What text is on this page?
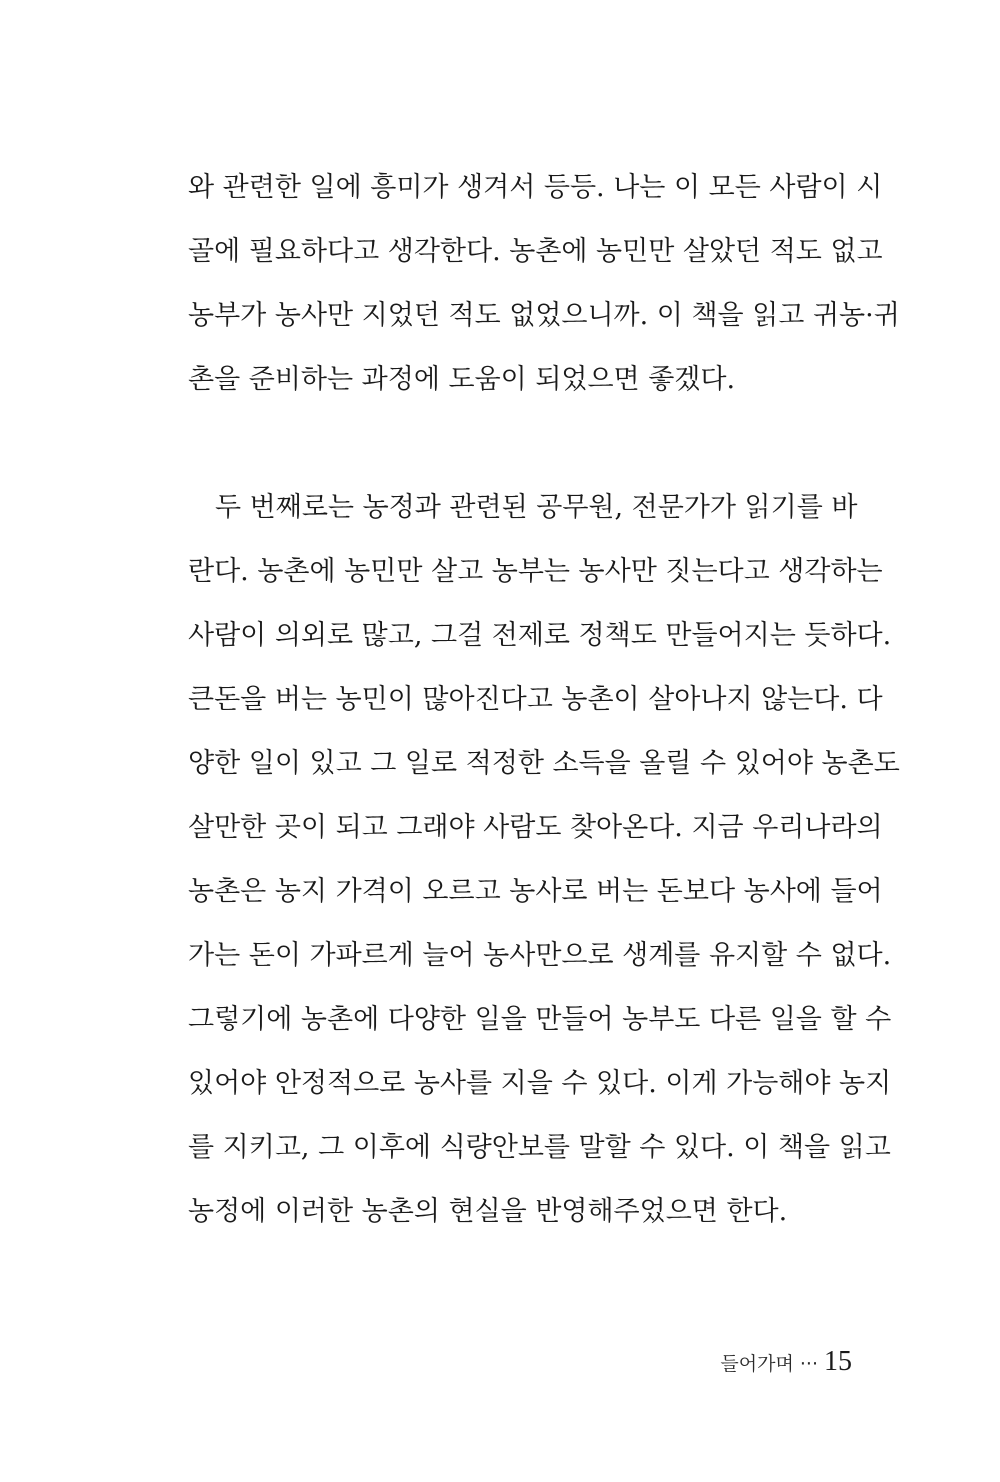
와 관련한 일에 흥미가 생겨서 등등. 나는 이 모든 사람이 시
골에 필요하다고 생각한다. 농촌에 농민만 살았던 적도 없고
농부가 농사만 지었던 적도 없었으니까. 이 책을 읽고 귀농·귀
촌을 준비하는 과정에 도움이 되었으면 좋겠다.
두 번째로는 농정과 관련된 공무원, 전문가가 읽기를 바
란다. 농촌에 농민만 살고 농부는 농사만 짓는다고 생각하는
사람이 의외로 많고, 그걸 전제로 정책도 만들어지는 듯하다.
큰돈을 버는 농민이 많아진다고 농촌이 살아나지 않는다. 다
양한 일이 있고 그 일로 적정한 소득을 올릴 수 있어야 농촌도
살만한 곳이 되고 그래야 사람도 찾아온다. 지금 우리나라의
농촌은 농지 가격이 오르고 농사로 버는 돈보다 농사에 들어
가는 돈이 가파르게 늘어 농사만으로 생계를 유지할 수 없다.
그렇기에 농촌에 다양한 일을 만들어 농부도 다른 일을 할 수
있어야 안정적으로 농사를 지을 수 있다. 이게 가능해야 농지
를 지키고, 그 이후에 식량안보를 말할 수 있다. 이 책을 읽고
농정에 이러한 농촌의 현실을 반영해주었으면 한다.
들어가며 ··· 15
